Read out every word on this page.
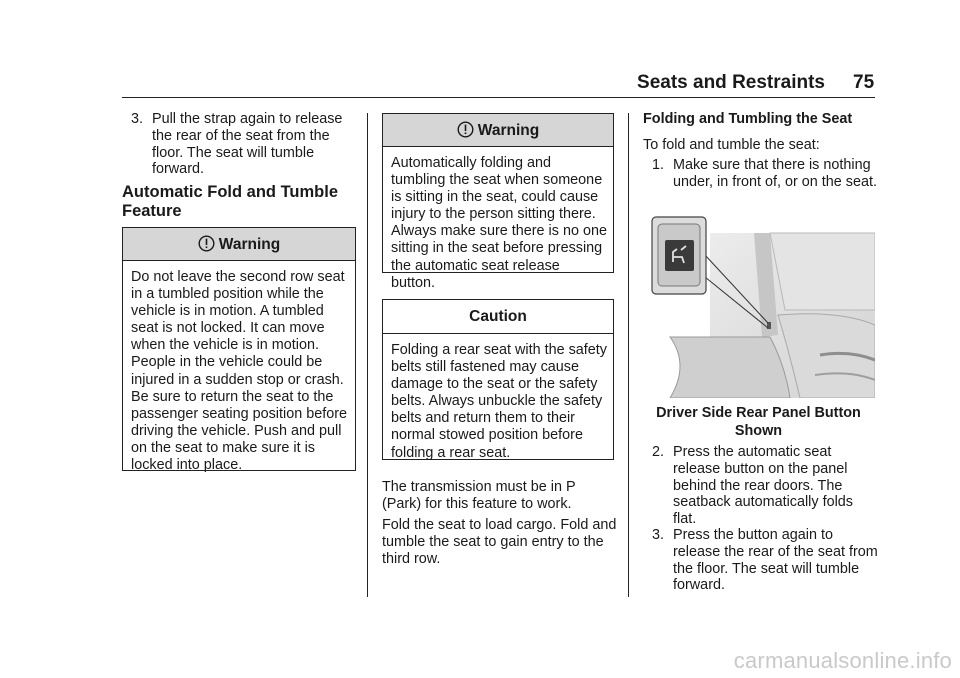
Seats and Restraints 75
3. Pull the strap again to release the rear of the seat from the floor. The seat will tumble forward.
Automatic Fold and Tumble
Feature
Warning
Do not leave the second row seat in a tumbled position while the vehicle is in motion. A tumbled seat is not locked. It can move when the vehicle is in motion. People in the vehicle could be injured in a sudden stop or crash. Be sure to return the seat to the passenger seating position before driving the vehicle. Push and pull on the seat to make sure it is locked into place.
Warning
Automatically folding and tumbling the seat when someone is sitting in the seat, could cause injury to the person sitting there. Always make sure there is no one sitting in the seat before pressing the automatic seat release button.
Caution
Folding a rear seat with the safety belts still fastened may cause damage to the seat or the safety belts. Always unbuckle the safety belts and return them to their normal stowed position before folding a rear seat.
The transmission must be in P (Park) for this feature to work.
Fold the seat to load cargo. Fold and tumble the seat to gain entry to the third row.
Folding and Tumbling the Seat
To fold and tumble the seat:
1. Make sure that there is nothing under, in front of, or on the seat.
Driver Side Rear Panel Button
Shown
2. Press the automatic seat release button on the panel behind the rear doors. The seatback automatically folds flat.
3. Press the button again to release the rear of the seat from the floor. The seat will tumble forward.
carmanualsonline.info
